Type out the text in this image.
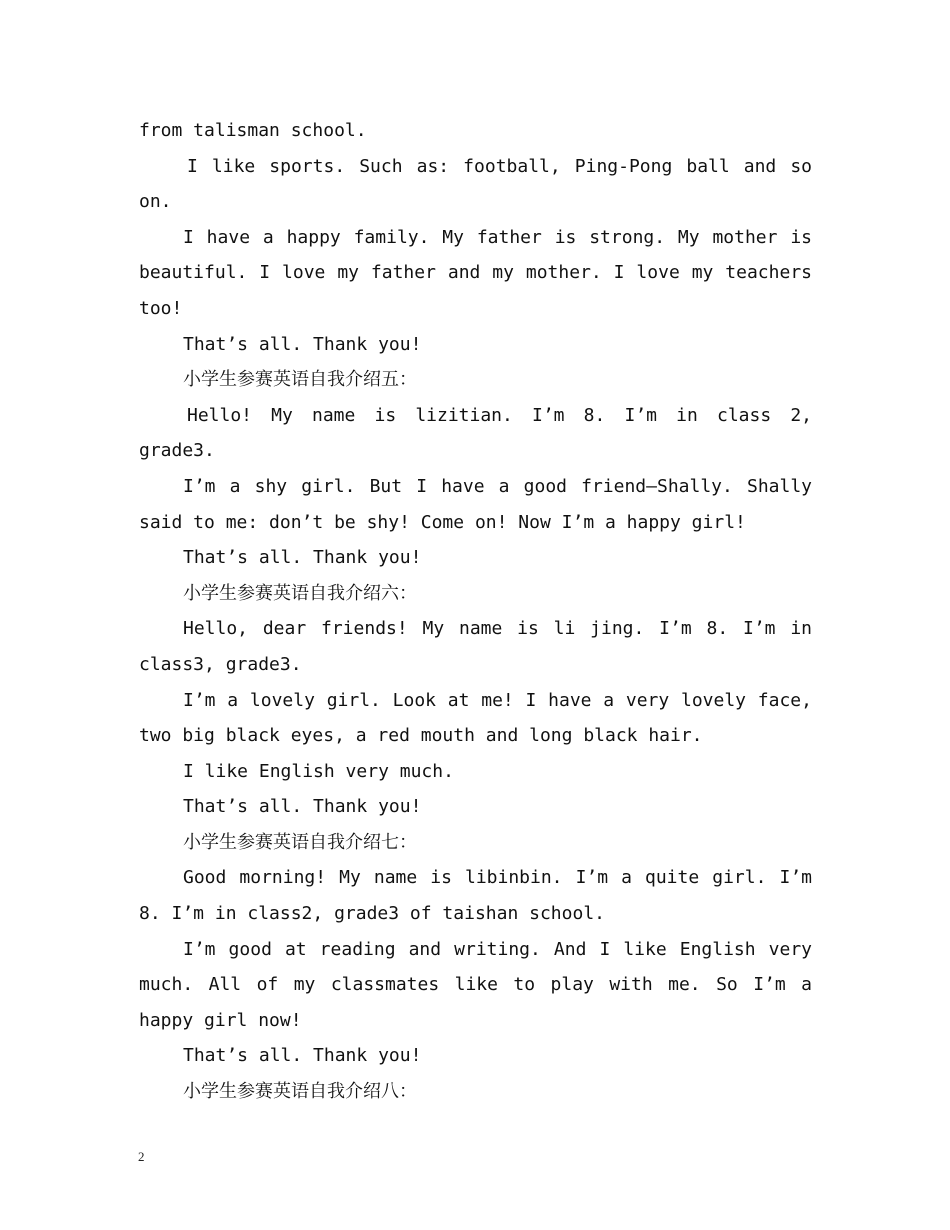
from talisman school.

I like sports. Such as: football, Ping-Pong ball and so on.

I have a happy family. My father is strong. My mother is beautiful. I love my father and my mother. I love my teachers too!

That’s all. Thank you!

小学生参赛英语自我介绍五：

Hello! My name is lizitian. I’m 8. I’m in class 2, grade3.

I’m a shy girl. But I have a good friend—Shally. Shally said to me: don’t be shy! Come on! Now I’m a happy girl!

That’s all. Thank you!

小学生参赛英语自我介绍六：

Hello, dear friends! My name is li jing. I’m 8. I’m in class3, grade3.

I’m a lovely girl. Look at me! I have a very lovely face, two big black eyes, a red mouth and long black hair.

I like English very much.

That’s all. Thank you!

小学生参赛英语自我介绍七：

Good morning! My name is libinbin. I’m a quite girl. I’m 8. I’m in class2, grade3 of taishan school.

I’m good at reading and writing. And I like English very much. All of my classmates like to play with me. So I’m a happy girl now!

That’s all. Thank you!

小学生参赛英语自我介绍八：

2
